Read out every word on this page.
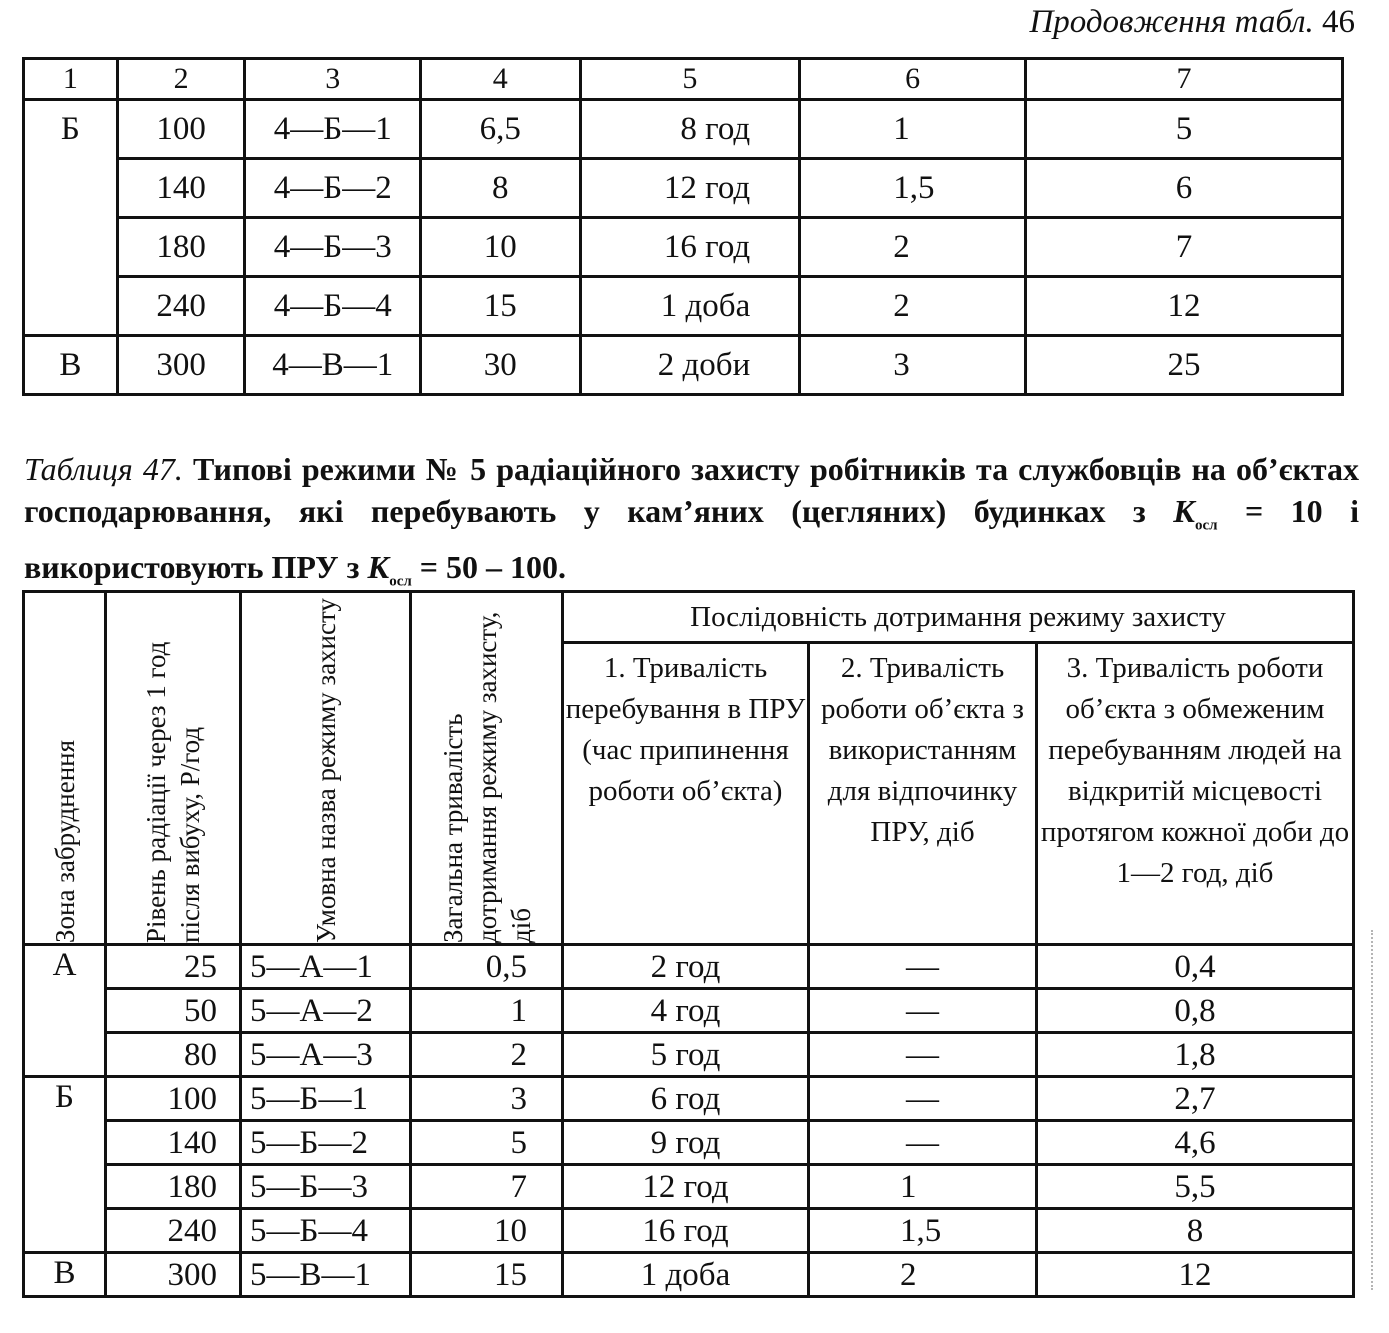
Продовження табл. 46
1	2	3	4	5	6	7
Б	100	4—Б—1	6,5	8 год	1	5
	140	4—Б—2	8	12 год	1,5	6
	180	4—Б—3	10	16 год	2	7
	240	4—Б—4	15	1 доба	2	12
В	300	4—В—1	30	2 доби	3	25
Таблиця 47. Типові режими № 5 радіаційного захисту робітників та службовців на об’єктах господарювання, які перебувають у кам’яних (цегляних) будинках з $К_{осл} = 10$ і використовують ПРУ з $К_{осл} = 50 - 100$.
Зона забруднення	Рівень радіації через 1 год після вибуху, Р/год	Умовна назва режиму захисту	Загальна тривалість дотримання режиму захисту, діб	Послідовність дотримання режиму захисту		
				1. Тривалість перебування в ПРУ (час припинення роботи об’єкта)	2. Тривалість роботи об’єкта з використанням для відпочинку ПРУ, діб	3. Тривалість роботи об’єкта з обмеженим перебуванням людей на відкритій місцевості протягом кожної доби до 1—2 год, діб
А	25	5—А—1	0,5	2 год	—	0,4
	50	5—А—2	1	4 год	—	0,8
	80	5—А—3	2	5 год	—	1,8
Б	100	5—Б—1	3	6 год	—	2,7
	140	5—Б—2	5	9 год	—	4,6
	180	5—Б—3	7	12 год	1	5,5
	240	5—Б—4	10	16 год	1,5	8
В	300	5—В—1	15	1 доба	2	12
